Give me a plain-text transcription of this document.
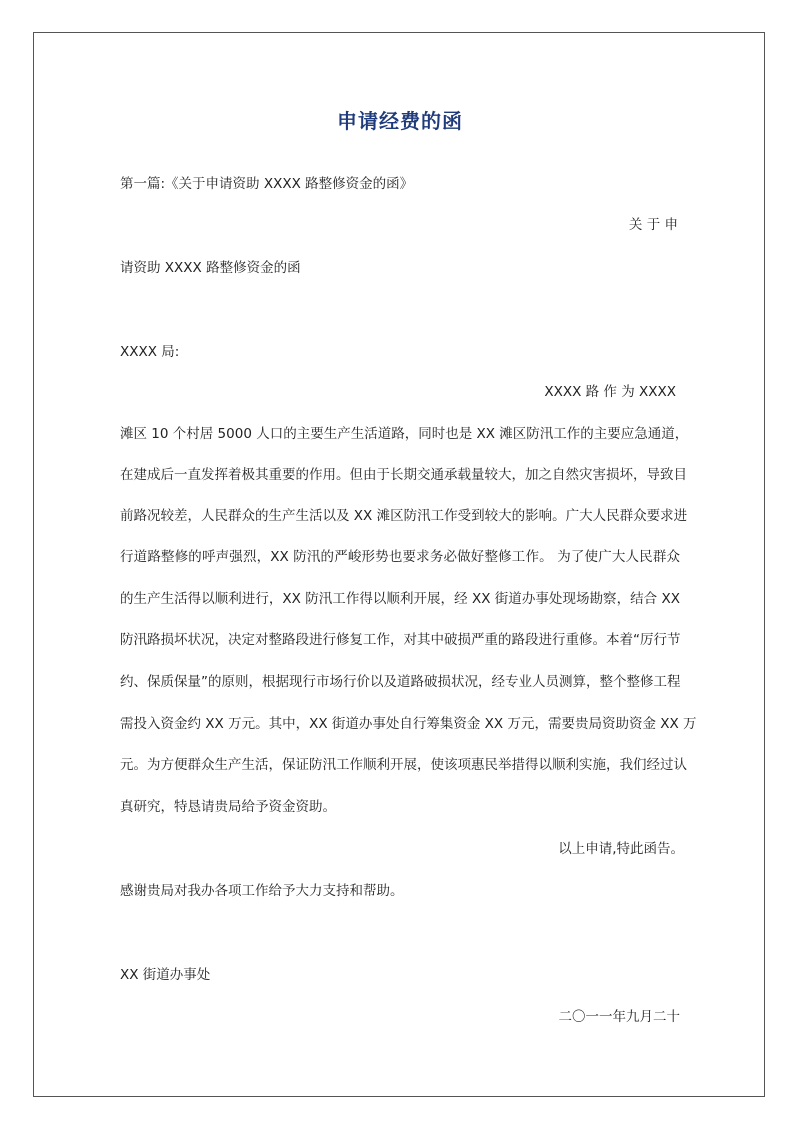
申请经费的函
第一篇:《关于申请资助 XXXX 路整修资金的函》
关 于 申
请资助 XXXX 路整修资金的函
XXXX 局:
XXXX 路 作 为 XXXX
滩区 10 个村居 5000 人口的主要生产生活道路，同时也是 XX 滩区防汛工作的主要应急通道，
在建成后一直发挥着极其重要的作用。但由于长期交通承载量较大，加之自然灾害损坏，导致目
前路况较差，人民群众的生产生活以及 XX 滩区防汛工作受到较大的影响。广大人民群众要求进
行道路整修的呼声强烈，XX 防汛的严峻形势也要求务必做好整修工作。 为了使广大人民群众
的生产生活得以顺利进行，XX 防汛工作得以顺利开展，经 XX 街道办事处现场勘察，结合 XX
防汛路损坏状况，决定对整路段进行修复工作，对其中破损严重的路段进行重修。本着“厉行节
约、保质保量”的原则，根据现行市场行价以及道路破损状况，经专业人员测算，整个整修工程
需投入资金约 XX 万元。其中，XX 街道办事处自行筹集资金 XX 万元，需要贵局资助资金 XX 万
元。为方便群众生产生活，保证防汛工作顺利开展，使该项惠民举措得以顺利实施，我们经过认
真研究，特恳请贵局给予资金资助。
以上申请,特此函告。
感谢贵局对我办各项工作给予大力支持和帮助。
XX 街道办事处
二〇一一年九月二十
